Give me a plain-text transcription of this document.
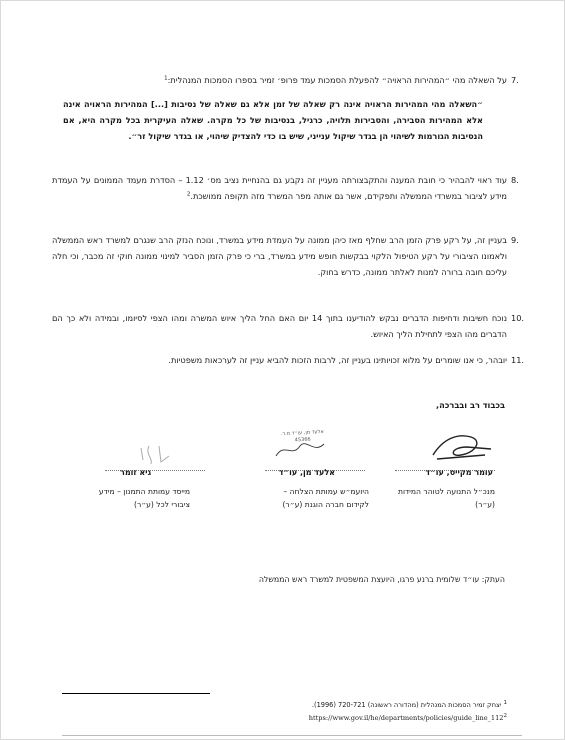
7.
על השאלה מהי ״המהירות הראויה״ להפעלת הסמכות עמד פרופ׳ זמיר בספרו הסמכות המנהלית:$^1$
״השאלה מהי המהירות הראויה אינה רק שאלה של זמן אלא גם שאלה של נסיבות [...] המהירות הראויה אינה אלא המהירות הסבירה, והסבירות תלויה, כרגיל, בנסיבות של כל מקרה. שאלה העיקרית בכל מקרה היא, אם הנסיבות הגורמות לשיהוי הן בגדר שיקול ענייני, שיש בו כדי להצדיק שיהוי, או בגדר שיקול זר״.
8.
עוד ראוי להבהיר כי חובת המענה והתקבצורתה מעניין זה נקבע גם בהנחיית נציב מס׳ 1.12 – הסדרת מעמד הממונים על העמדת מידע לציבור במשרדי הממשלה ותפקידם, אשר גם אותה מפר המשרד מזה תקופה ממושכת.$^2$
9.
בעניין זה, על רקע פרק הזמן הרב שחלף מאז כיהן ממונה על העמדת מידע במשרד, ונוכח הנזק הרב שנגרם למשרד ראש הממשלה ולאמונו הציבורי על רקע הטיפול הלקוי בבקשות חופש מידע במשרד, ברי כי פרק הזמן הסביר למינוי ממונה חוקי זה מכבר, וכי חלה עליכם חובה ברורה למנות לאלתר ממונה, כדרש בחוק.
10.
נוכח חשיבות ודחיפות הדברים נבקש להודיענו בתוך 14 יום האם החל הליך איוש המשרה ומהו הצפי לסיומו, ובמידה ולא כך הם הדברים מהו הצפי לתחילת הליך האיוש.
11.
יובהר, כי אנו שומרים על מלוא זכויותינו בעניין זה, לרבות הזכות להביא עניין זה לערכאות משפטיות.
בכבוד רב ובברכה,
אלעד מן, עו״ד מ.ר. 45366
עומר מקייס, עו״ד
אלעד מן, עו״ד
גיא זומר
מנכ״ל התנועה לטוהר המידות (ע״ר)
היועמ״ש עמותת הצלחה – לקידום חברה הוגנת (ע״ר)
מייסד עמותת התמנון – מידע ציבורי לכל (ע״ר)
העתק: עו״ד שלומית ברנע פרגו, היועצת המשפטית למשרד ראש הממשלה
$^1$ יצחק זמיר הסמכות המנהלית (מהדורה ראשונה) 720-721 (1996).
$https://www.gov.il/he/departments/policies/guide\_line\_112^2$
